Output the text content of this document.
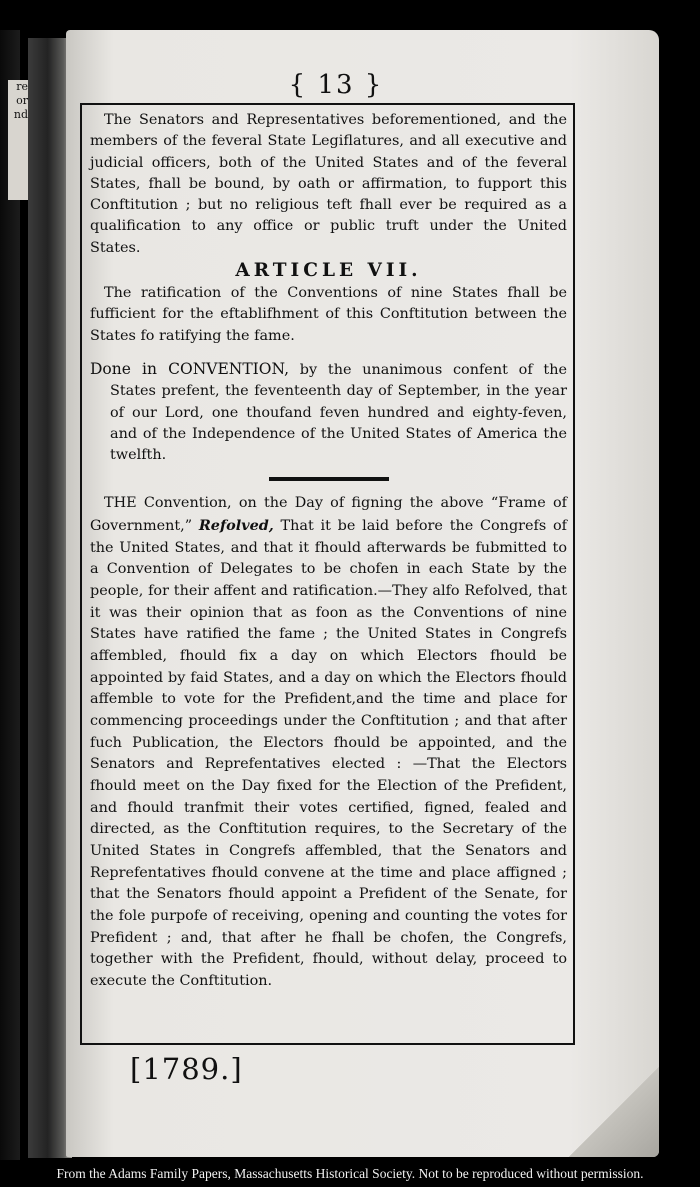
re
or
nd
{ 13 }

The Senators and Representatives beforementioned, and the members of the feveral State Legiflatures, and all executive and judicial officers, both of the United States and of the feveral States, fhall be bound, by oath or affirmation, to fupport this Conftitution ; but no religious teft fhall ever be required as a qualification to any office or public truft under the United States.

ARTICLE VII.

The ratification of the Conventions of nine States fhall be fufficient for the eftablifhment of this Conftitution between the States fo ratifying the fame.

Done in CONVENTION, by the unanimous confent of the States prefent, the feventeenth day of September, in the year of our Lord, one thoufand feven hundred and eighty-feven, and of the Independence of the United States of America the twelfth.

THE Convention, on the Day of figning the above “Frame of Government,” Refolved, That it be laid before the Congrefs of the United States, and that it fhould afterwards be fubmitted to a Convention of Delegates to be chofen in each State by the people, for their affent and ratification.—They alfo Refolved, that it was their opinion that as foon as the Conventions of nine States have ratified the fame ; the United States in Congrefs affembled, fhould fix a day on which Electors fhould be appointed by faid States, and a day on which the Electors fhould affemble to vote for the Prefident,and the time and place for commencing proceedings under the Conftitution ; and that after fuch Publication, the Electors fhould be appointed, and the Senators and Reprefentatives elected : —That the Electors fhould meet on the Day fixed for the Election of the Prefident, and fhould tranfmit their votes certified, figned, fealed and directed, as the Conftitution requires, to the Secretary of the United States in Congrefs affembled, that the Senators and Reprefentatives fhould convene at the time and place affigned ; that the Senators fhould appoint a Prefident of the Senate, for the fole purpofe of receiving, opening and counting the votes for Prefident ; and, that after he fhall be chofen, the Congrefs, together with the Prefident, fhould, without delay, proceed to execute the Conftitution.

[1789.]
From the Adams Family Papers, Massachusetts Historical Society. Not to be reproduced without permission.
